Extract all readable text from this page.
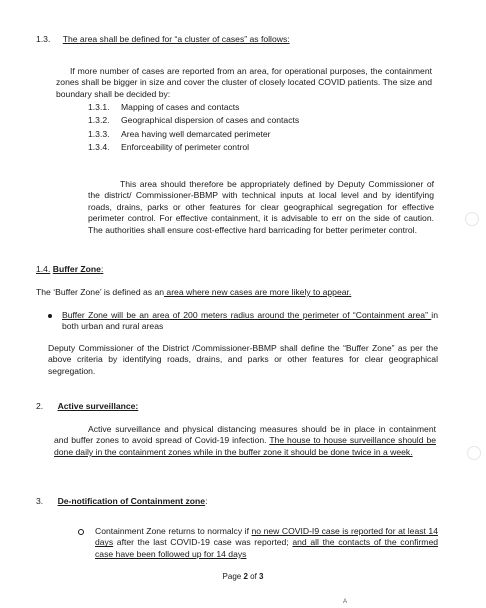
1.3. The area shall be defined for “a cluster of cases” as follows:

If more number of cases are reported from an area, for operational purposes, the containment zones shall be bigger in size and cover the cluster of closely located COVID patients. The size and boundary shall be decided by:

1.3.1. Mapping of cases and contacts
1.3.2. Geographical dispersion of cases and contacts
1.3.3. Area having well demarcated perimeter
1.3.4. Enforceability of perimeter control

This area should therefore be appropriately defined by Deputy Commissioner of the district/ Commissioner-BBMP with technical inputs at local level and by identifying roads, drains, parks or other features for clear geographical segregation for effective perimeter control. For effective containment, it is advisable to err on the side of caution. The authorities shall ensure cost-effective hard barricading for better perimeter control.

1.4. Buffer Zone:

The ‘Buffer Zone’ is defined as an area where new cases are more likely to appear.

Buffer Zone will be an area of 200 meters radius around the perimeter of “Containment area” in both urban and rural areas

Deputy Commissioner of the District /Commissioner-BBMP shall define the “Buffer Zone” as per the above criteria by identifying roads, drains, and parks or other features for clear geographical segregation.

2. Active surveillance:

Active surveillance and physical distancing measures should be in place in containment and buffer zones to avoid spread of Covid-19 infection. The house to house surveillance should be done daily in the containment zones while in the buffer zone it should be done twice in a week.

3. De-notification of Containment zone:

Containment Zone returns to normalcy if no new COVID-I9 case is reported for at least 14 days after the last COVID-19 case was reported; and all the contacts of the confirmed case have been followed up for 14 days

Page 2 of 3
A
